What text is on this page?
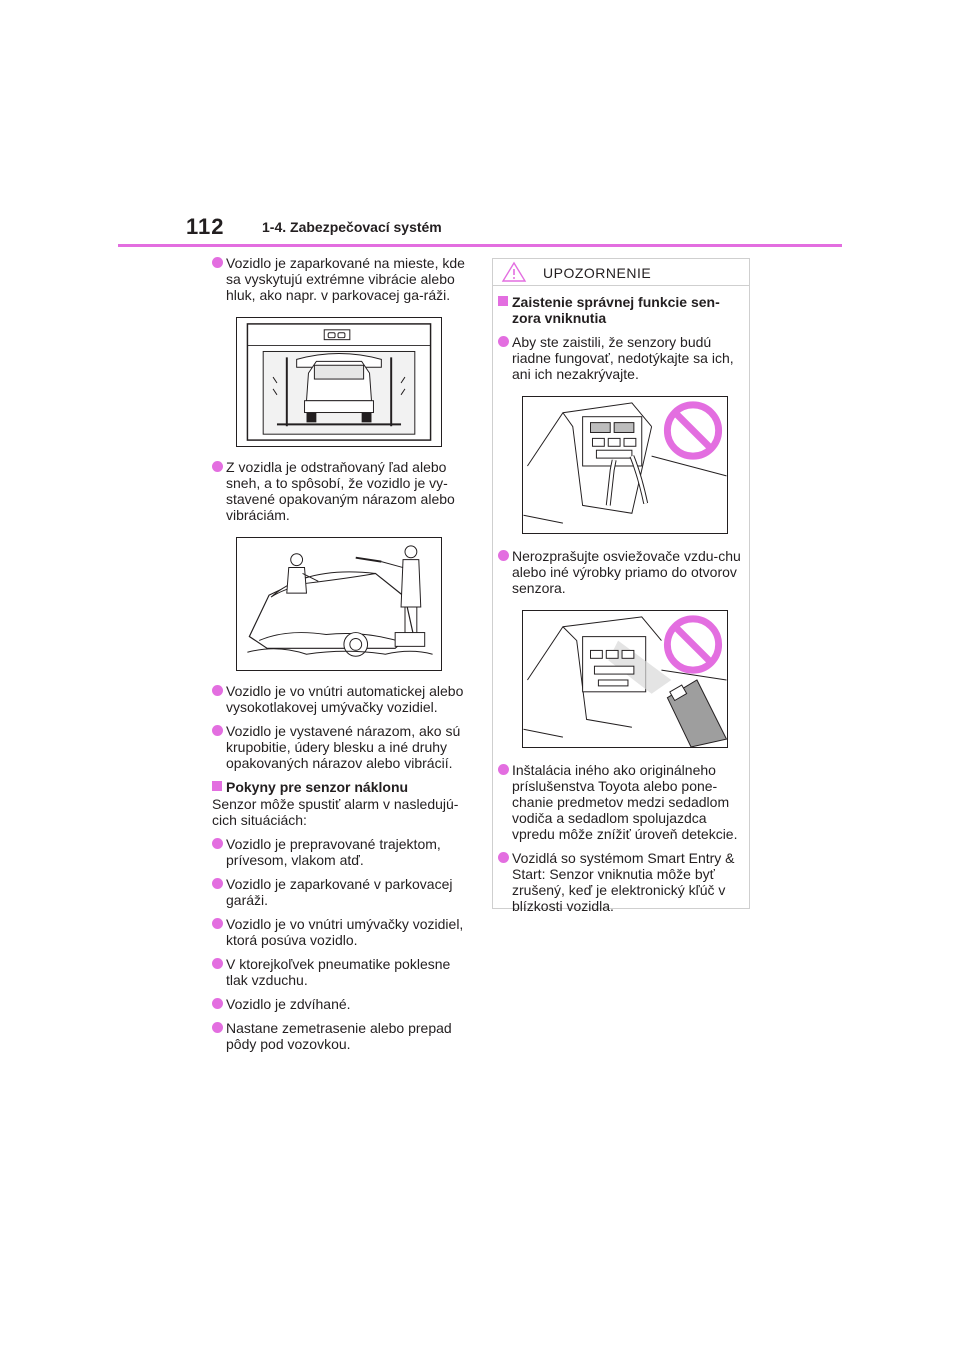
112	1-4. Zabezpečovací systém
Vozidlo je zaparkované na mieste, kde sa vyskytujú extrémne vibrácie alebo hluk, ako napr. v parkovacej ga-ráži.
Z vozidla je odstraňovaný ľad alebo sneh, a to spôsobí, že vozidlo je vy-stavené opakovaným nárazom alebo vibráciám.
Vozidlo je vo vnútri automatickej alebo vysokotlakovej umývačky vozidiel.
Vozidlo je vystavené nárazom, ako sú krupobitie, údery blesku a iné druhy opakovaných nárazov alebo vibrácií.
Pokyny pre senzor náklonu
Senzor môže spustiť alarm v nasledujú-cich situáciách:
Vozidlo je prepravované trajektom, prívesom, vlakom atď.
Vozidlo je zaparkované v parkovacej garáži.
Vozidlo je vo vnútri umývačky vozidiel, ktorá posúva vozidlo.
V ktorejkoľvek pneumatike poklesne tlak vzduchu.
Vozidlo je zdvíhané.
Nastane zemetrasenie alebo prepad pôdy pod vozovkou.
UPOZORNENIE
Zaistenie správnej funkcie sen-zora vniknutia
Aby ste zaistili, že senzory budú riadne fungovať, nedotýkajte sa ich, ani ich nezakrývajte.
Nerozprašujte osviežovače vzdu-chu alebo iné výrobky priamo do otvorov senzora.
Inštalácia iného ako originálneho príslušenstva Toyota alebo pone-chanie predmetov medzi sedadlom vodiča a sedadlom spolujazdca vpredu môže znížiť úroveň detekcie.
Vozidlá so systémom Smart Entry & Start: Senzor vniknutia môže byť zrušený, keď je elektronický kľúč v blízkosti vozidla.
